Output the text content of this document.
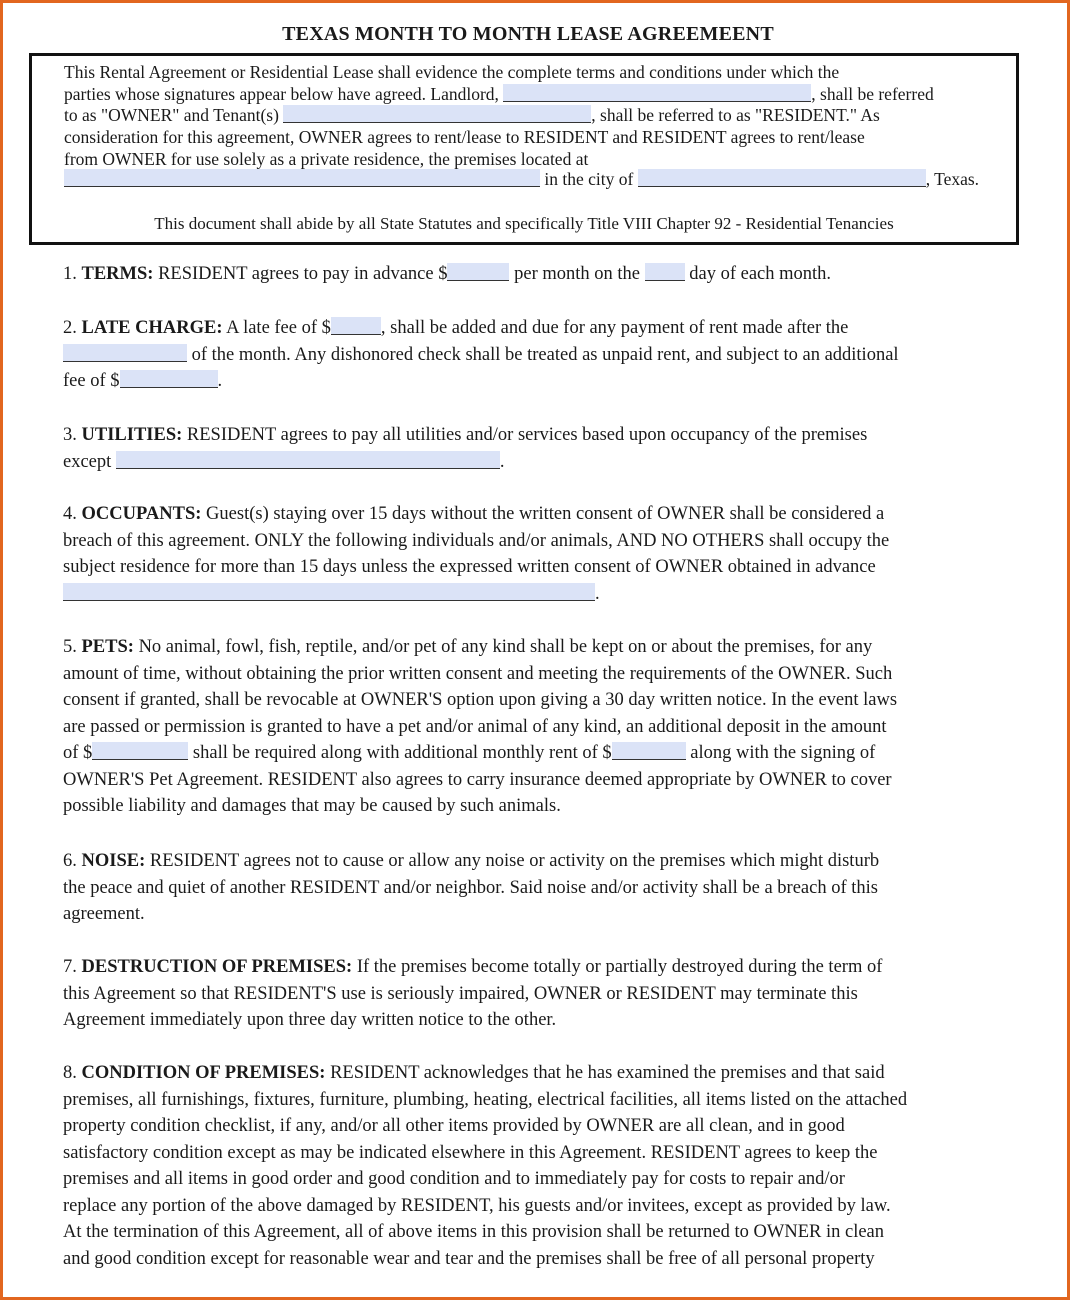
TEXAS MONTH TO MONTH LEASE AGREEMEENT
This Rental Agreement or Residential Lease shall evidence the complete terms and conditions under which the
parties whose signatures appear below have agreed. Landlord,	, shall be referred
to as "OWNER" and Tenant(s)	, shall be referred to as "RESIDENT." As
consideration for this agreement, OWNER agrees to rent/lease to RESIDENT and RESIDENT agrees to rent/lease
from OWNER for use solely as a private residence, the premises located at
in the city of	, Texas.
This document shall abide by all State Statutes and specifically Title VIII Chapter 92 - Residential Tenancies
1. TERMS: RESIDENT agrees to pay in advance $	per month on the	day of each month.
2. LATE CHARGE: A late fee of $	, shall be added and due for any payment of rent made after the
of the month. Any dishonored check shall be treated as unpaid rent, and subject to an additional
fee of $	.
3. UTILITIES: RESIDENT agrees to pay all utilities and/or services based upon occupancy of the premises
except	.
4. OCCUPANTS: Guest(s) staying over 15 days without the written consent of OWNER shall be considered a
breach of this agreement. ONLY the following individuals and/or animals, AND NO OTHERS shall occupy the
subject residence for more than 15 days unless the expressed written consent of OWNER obtained in advance
.
5. PETS: No animal, fowl, fish, reptile, and/or pet of any kind shall be kept on or about the premises, for any
amount of time, without obtaining the prior written consent and meeting the requirements of the OWNER. Such
consent if granted, shall be revocable at OWNER'S option upon giving a 30 day written notice. In the event laws
are passed or permission is granted to have a pet and/or animal of any kind, an additional deposit in the amount
of $	shall be required along with additional monthly rent of $	along with the signing of
OWNER'S Pet Agreement. RESIDENT also agrees to carry insurance deemed appropriate by OWNER to cover
possible liability and damages that may be caused by such animals.
6. NOISE: RESIDENT agrees not to cause or allow any noise or activity on the premises which might disturb
the peace and quiet of another RESIDENT and/or neighbor. Said noise and/or activity shall be a breach of this
agreement.
7. DESTRUCTION OF PREMISES: If the premises become totally or partially destroyed during the term of
this Agreement so that RESIDENT'S use is seriously impaired, OWNER or RESIDENT may terminate this
Agreement immediately upon three day written notice to the other.
8. CONDITION OF PREMISES: RESIDENT acknowledges that he has examined the premises and that said
premises, all furnishings, fixtures, furniture, plumbing, heating, electrical facilities, all items listed on the attached
property condition checklist, if any, and/or all other items provided by OWNER are all clean, and in good
satisfactory condition except as may be indicated elsewhere in this Agreement. RESIDENT agrees to keep the
premises and all items in good order and good condition and to immediately pay for costs to repair and/or
replace any portion of the above damaged by RESIDENT, his guests and/or invitees, except as provided by law.
At the termination of this Agreement, all of above items in this provision shall be returned to OWNER in clean
and good condition except for reasonable wear and tear and the premises shall be free of all personal property
